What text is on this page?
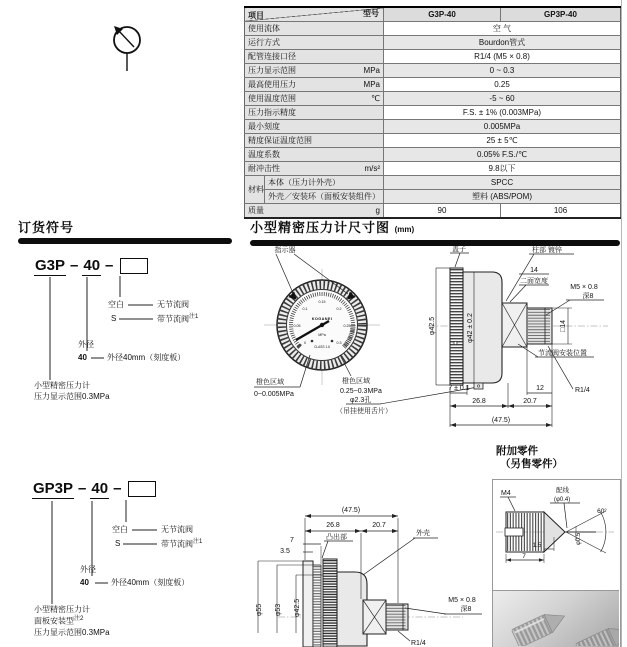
型号
项目		G3P-40	GP3P-40

使用流体		空 气	

运行方式		Bourdon管式	

配管连接口径		R1/4 (M5 × 0.8)	

压力显示范围 MPa		0 ~ 0.3	

最高使用压力 MPa		0.25	

使用温度范围 ℃		-5 ~ 60	

压力指示精度		F.S. ± 1% (0.003MPa)	

最小刻度		0.005MPa	

精度保证温度范围		25 ± 5℃	

温度系数		0.05% F.S./℃	

耐冲击性 m/s²		9.8以下	
材料	本体（压力计外壳）	SPCC	
	外壳／安装环（面板安装组件）	塑料 (ABS/POM)	

质量 g		90	106
订货符号	小型精密压力计尺寸图 (mm)
G3P – 40 –
空白	无节流阀
S	带节流阀$^{注1}$
外径
40	外径40mm（刻度板）
小型精密压力计
压力显示范围0.3MPa
GP3P – 40 –
空白	无节流阀
S	带节流阀$^{注1}$
外径
40	外径40mm（刻度板）
小型精密压力计
面板安装型$^{注2}$
压力显示范围0.3MPa
0
0.05
0.1
0.15
0.2
0.25
0.3
KOGANEI
MPa
CLASS 1.6
指示器
橙色区域
0~0.005MPa
橙色区域
0.25~0.3MPa
φ2.3孔
（吊挂使用舌片）
盖子	柱部 镀锌
14
二面宽度
M5 × 0.8
深8
□14
节流阀安装位置
φ42.5	φ42 ± 0.2
7 ± 0.1	12	R1/4
26.8	20.7
(47.5)
附加零件
（另售零件）
M4	配线
(φ0.4)
60°
φ0.5
1.5
7
(47.5)
26.8	20.7
外壳
7
3.5
凸出部
φ55 φ53 φ42.5	M5 × 0.8
深8
R1/4
